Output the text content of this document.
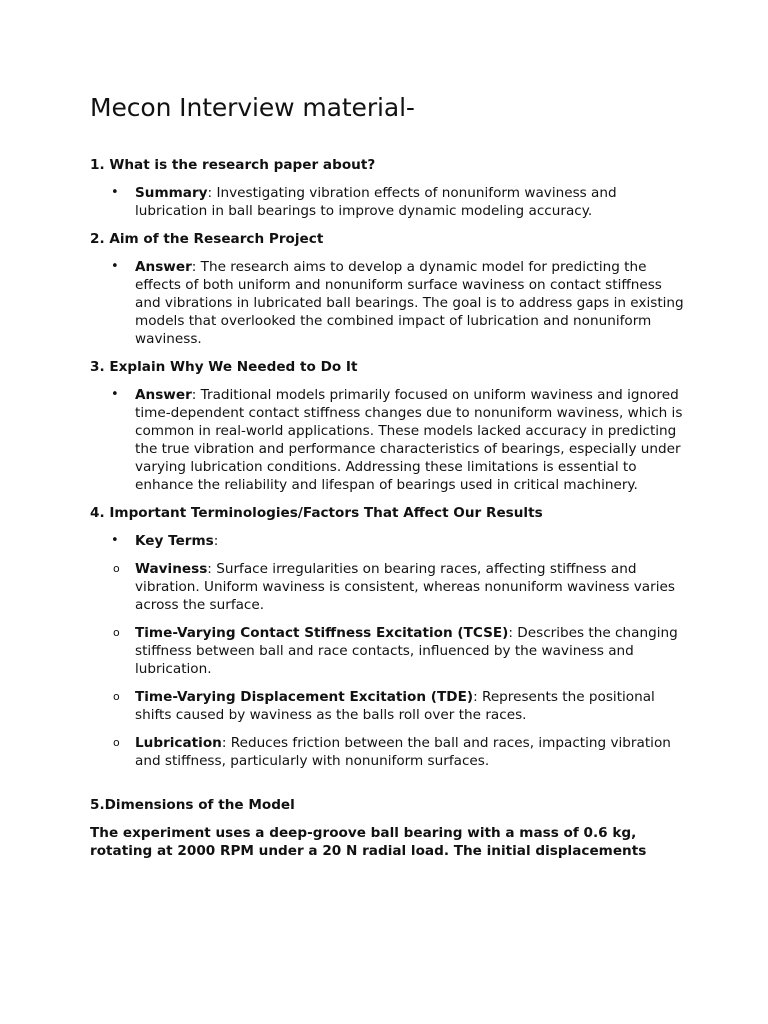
Mecon Interview material-
1. What is the research paper about?
• Summary: Investigating vibration effects of nonuniform waviness and lubrication in ball bearings to improve dynamic modeling accuracy.

2. Aim of the Research Project
• Answer: The research aims to develop a dynamic model for predicting the effects of both uniform and nonuniform surface waviness on contact stiffness and vibrations in lubricated ball bearings. The goal is to address gaps in existing models that overlooked the combined impact of lubrication and nonuniform waviness.

3. Explain Why We Needed to Do It
• Answer: Traditional models primarily focused on uniform waviness and ignored time-dependent contact stiffness changes due to nonuniform waviness, which is common in real-world applications. These models lacked accuracy in predicting the true vibration and performance characteristics of bearings, especially under varying lubrication conditions. Addressing these limitations is essential to enhance the reliability and lifespan of bearings used in critical machinery.

4. Important Terminologies/Factors That Affect Our Results
• Key Terms:

o Waviness: Surface irregularities on bearing races, affecting stiffness and vibration. Uniform waviness is consistent, whereas nonuniform waviness varies across the surface.
o Time-Varying Contact Stiffness Excitation (TCSE): Describes the changing stiffness between ball and race contacts, influenced by the waviness and lubrication.
o Time-Varying Displacement Excitation (TDE): Represents the positional shifts caused by waviness as the balls roll over the races.
o Lubrication: Reduces friction between the ball and races, impacting vibration and stiffness, particularly with nonuniform surfaces.
5.Dimensions of the Model

The experiment uses a deep-groove ball bearing with a mass of 0.6 kg, rotating at 2000 RPM under a 20 N radial load. The initial displacements
